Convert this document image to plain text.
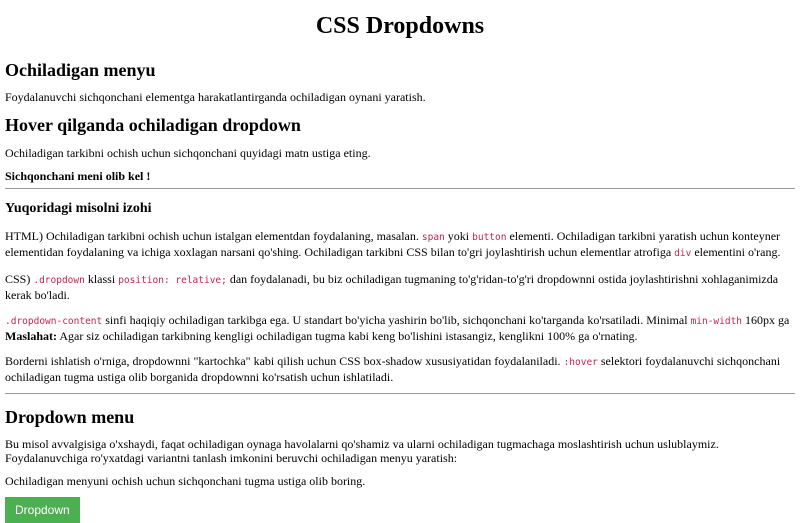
CSS Dropdowns
Ochiladigan menyu

Foydalanuvchi sichqonchani elementga harakatlantirganda ochiladigan oynani yaratish.

Hover qilganda ochiladigan dropdown

Ochiladigan tarkibni ochish uchun sichqonchani quyidagi matn ustiga eting.

Sichqonchani meni olib kel !

Yuqoridagi misolni izohi

HTML) Ochiladigan tarkibni ochish uchun istalgan elementdan foydalaning, masalan. span yoki button elementi. Ochiladigan tarkibni yaratish uchun konteyner elementidan foydalaning va ichiga xoxlagan narsani qo'shing. Ochiladigan tarkibni CSS bilan to'gri joylashtirish uchun elementlar atrofiga div elementini o'rang.

CSS) .dropdown klassi position: relative; dan foydalanadi, bu biz ochiladigan tugmaning to'g'ridan-to'g'ri dropdownni ostida joylashtirishni xohlaganimizda kerak bo'ladi.

.dropdown-content sinfi haqiqiy ochiladigan tarkibga ega. U standart bo'yicha yashirin bo'lib, sichqonchani ko'targanda ko'rsatiladi. Minimal min-width 160px ga Maslahat: Agar siz ochiladigan tarkibning kengligi ochiladigan tugma kabi keng bo'lishini istasangiz, kenglikni 100% ga o'rnating.

Borderni ishlatish o'rniga, dropdownni "kartochka" kabi qilish uchun CSS box-shadow xususiyatidan foydalaniladi. :hover selektori foydalanuvchi sichqonchani ochiladigan tugma ustiga olib borganida dropdownni ko'rsatish uchun ishlatiladi.

Dropdown menu

Bu misol avvalgisiga o'xshaydi, faqat ochiladigan oynaga havolalarni qo'shamiz va ularni ochiladigan tugmachaga moslashtirish uchun uslublaymiz. Foydalanuvchiga ro'yxatdagi variantni tanlash imkonini beruvchi ochiladigan menyu yaratish:

Ochiladigan menyuni ochish uchun sichqonchani tugma ustiga olib boring.

Dropdown
